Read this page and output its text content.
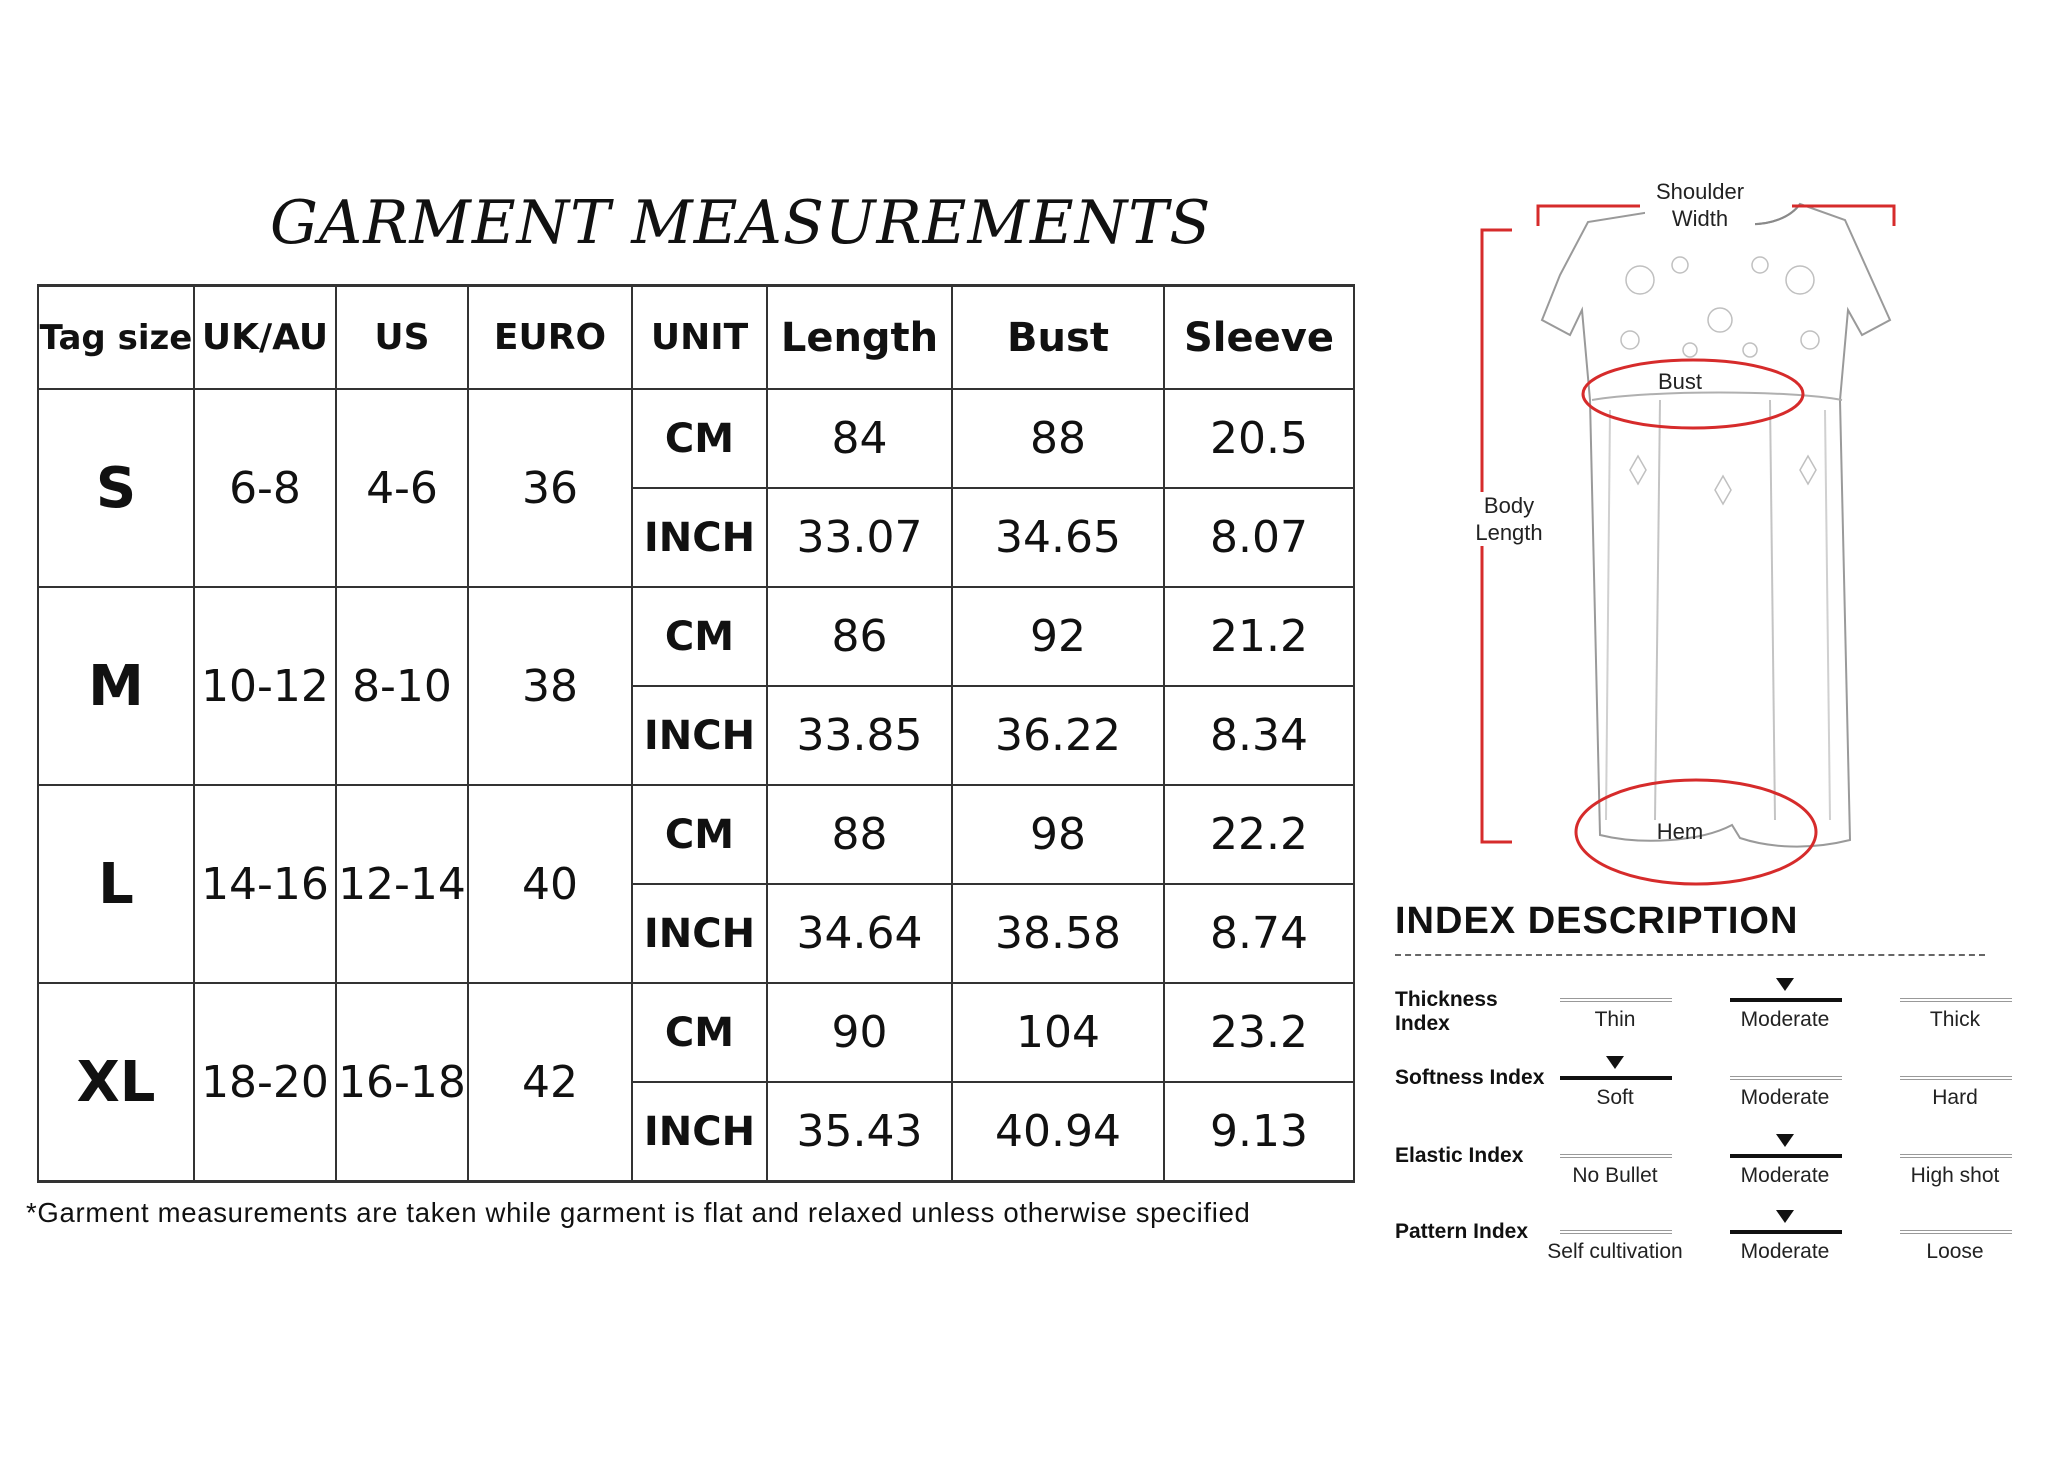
GARMENT MEASUREMENTS
Tag size	UK/AU	US	EURO	UNIT	Length	Bust	Sleeve
S	6-8	4-6	36	CM	84	88	20.5
				INCH	33.07	34.65	8.07
M	10-12	8-10	38	CM	86	92	21.2
				INCH	33.85	36.22	8.34
L	14-16	12-14	40	CM	88	98	22.2
				INCH	34.64	38.58	8.74
XL	18-20	16-18	42	CM	90	104	23.2
				INCH	35.43	40.94	9.13
*Garment measurements are taken while garment is flat and relaxed unless otherwise specified
Shoulder Width
Body Length
Bust
Hem
INDEX DESCRIPTION
Thickness Index	Thin	Moderate	Thick
Softness Index
Soft	Moderate	Hard
Elastic Index
No Bullet	Moderate	High shot
Pattern Index
Self cultivation	Moderate	Loose
